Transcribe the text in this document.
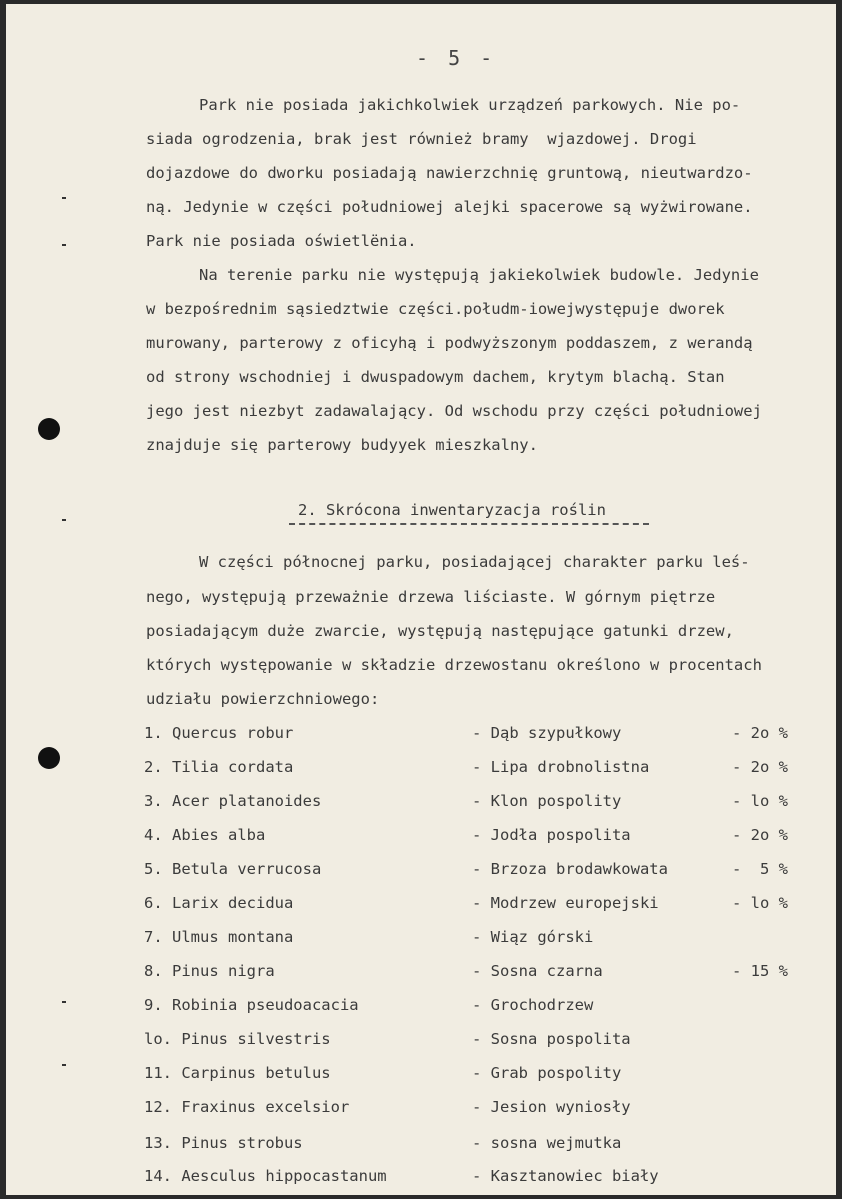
- 5 -
Park nie posiada jakichkolwiek urządzeń parkowych. Nie po-
siada ogrodzenia, brak jest również bramy  wjazdowej. Drogi
dojazdowe do dworku posiadają nawierzchnię gruntową, nieutwardzo-
ną. Jedynie w części południowej alejki spacerowe są wyżwirowane.
Park nie posiada oświetlënia.
Na terenie parku nie występują jakiekolwiek budowle. Jedynie
w bezpośrednim sąsiedztwie części.połudm-iowejwystępuje dworek
murowany, parterowy z oficyhą i podwyższonym poddaszem, z werandą
od strony wschodniej i dwuspadowym dachem, krytym blachą. Stan
jego jest niezbyt zadawalający. Od wschodu przy części południowej
znajduje się parterowy budyyek mieszkalny.
2. Skrócona inwentaryzacja roślin
W części północnej parku, posiadającej charakter parku leś-
nego, występują przeważnie drzewa liściaste. W górnym piętrze
posiadającym duże zwarcie, występują następujące gatunki drzew,
których występowanie w składzie drzewostanu określono w procentach
udziału powierzchniowego:
1. Quercus robur	- Dąb szypułkowy	- 2o %
2. Tilia cordata	- Lipa drobnolistna	- 2o %
3. Acer platanoides	- Klon pospolity	- lo %
4. Abies alba	- Jodła pospolita	- 2o %
5. Betula verrucosa	- Brzoza brodawkowata	-  5 %
6. Larix decidua	- Modrzew europejski	- lo %
7. Ulmus montana	- Wiąz górski
8. Pinus nigra	- Sosna czarna	- 15 %
9. Robinia pseudoacacia	- Grochodrzew
lo. Pinus silvestris	- Sosna pospolita
11. Carpinus betulus	- Grab pospolity
12. Fraxinus excelsior	- Jesion wyniosły
13. Pinus strobus	- sosna wejmutka
14. Aesculus hippocastanum	- Kasztanowiec biały
